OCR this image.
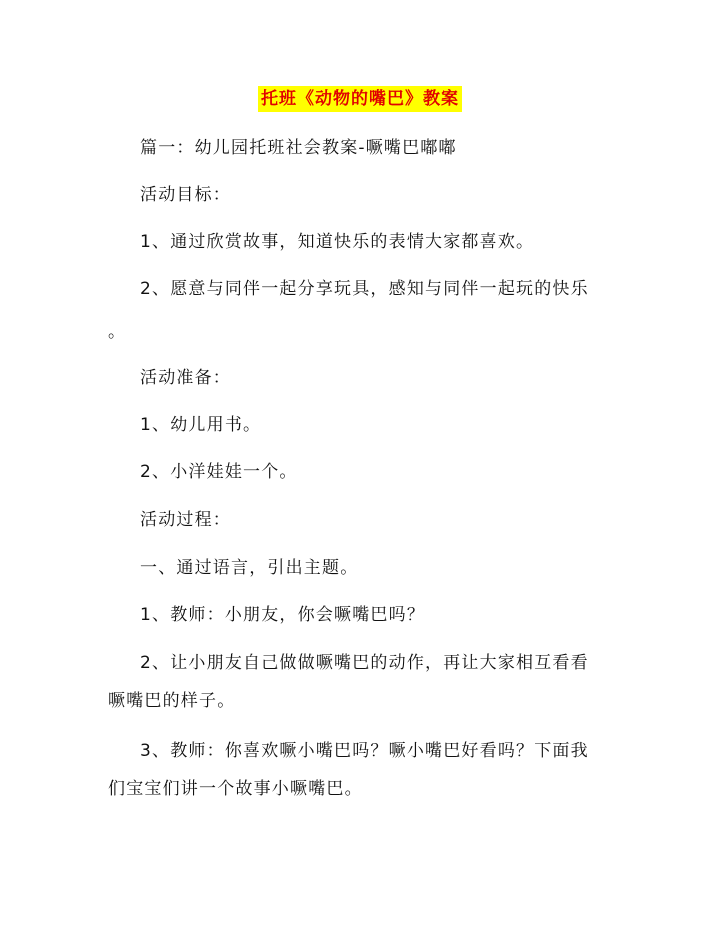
托班《动物的嘴巴》教案
篇一：幼儿园托班社会教案-噘嘴巴嘟嘟
活动目标：
1、通过欣赏故事，知道快乐的表情大家都喜欢。
2、愿意与同伴一起分享玩具，感知与同伴一起玩的快乐
。
活动准备：
1、幼儿用书。
2、小洋娃娃一个。
活动过程：
一、通过语言，引出主题。
1、教师：小朋友，你会噘嘴巴吗？
2、让小朋友自己做做噘嘴巴的动作，再让大家相互看看
噘嘴巴的样子。
3、教师：你喜欢噘小嘴巴吗？噘小嘴巴好看吗？下面我
们宝宝们讲一个故事小噘嘴巴。
